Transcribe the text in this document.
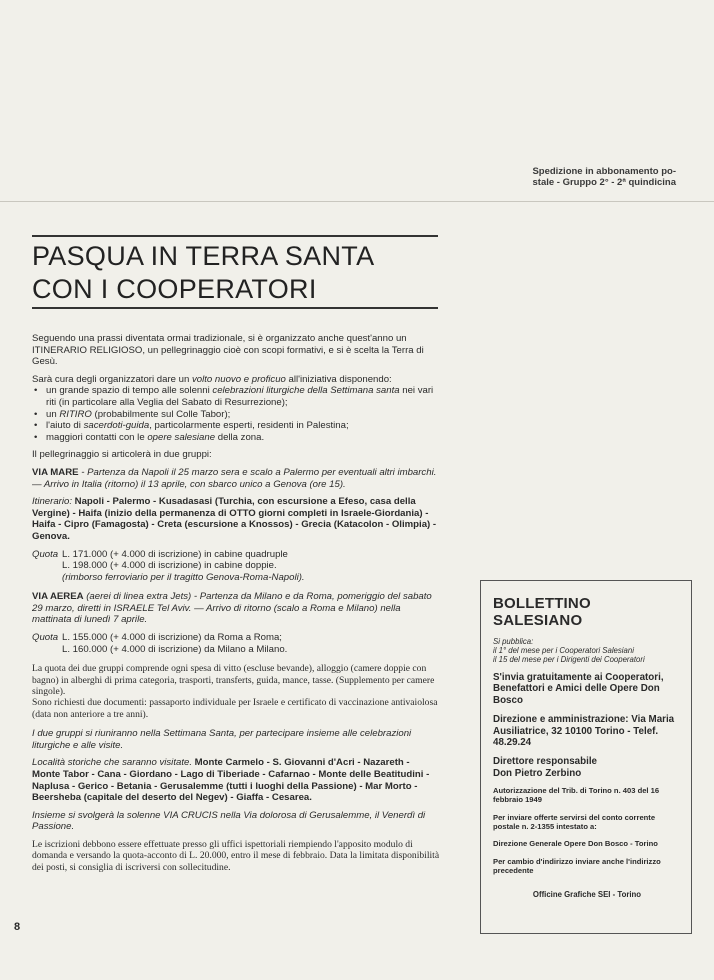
Spedizione in abbonamento po-
stale - Gruppo 2° - 2ª quindicina
PASQUA IN TERRA SANTA
CON I COOPERATORI

Seguendo una prassi diventata ormai tradizionale, si è organizzato anche quest'anno un ITINERARIO RELIGIOSO, un pellegrinaggio cioè con scopi formativi, e si è scelta la Terra di Gesù.

Sarà cura degli organizzatori dare un volto nuovo e proficuo all'iniziativa disponendo:

• un grande spazio di tempo alle solenni celebrazioni liturgiche della Settimana santa nei vari riti (in particolare alla Veglia del Sabato di Resurrezione);
• un RITIRO (probabilmente sul Colle Tabor);
• l'aiuto di sacerdoti-guida, particolarmente esperti, residenti in Palestina;
• maggiori contatti con le opere salesiane della zona.

Il pellegrinaggio si articolerà in due gruppi:

VIA MARE - Partenza da Napoli il 25 marzo sera e scalo a Palermo per eventuali altri imbarchi. — Arrivo in Italia (ritorno) il 13 aprile, con sbarco unico a Genova (ore 15).

Itinerario: Napoli - Palermo - Kusadasasi (Turchia, con escursione a Efeso, casa della Vergine) - Haifa (inizio della permanenza di OTTO giorni completi in Israele-Giordania) - Haifa - Cipro (Famagosta) - Creta (escursione a Knossos) - Grecia (Katacolon - Olimpia) - Genova.

Quota L. 171.000 (+ 4.000 di iscrizione) in cabine quadruple
L. 198.000 (+ 4.000 di iscrizione) in cabine doppie.
(rimborso ferroviario per il tragitto Genova-Roma-Napoli).

VIA AEREA (aerei di linea extra Jets) - Partenza da Milano e da Roma, pomeriggio del sabato 29 marzo, diretti in ISRAELE Tel Aviv. — Arrivo di ritorno (scalo a Roma e Milano) nella mattinata di lunedì 7 aprile.

Quota L. 155.000 (+ 4.000 di iscrizione) da Roma a Roma;
L. 160.000 (+ 4.000 di iscrizione) da Milano a Milano.
La quota dei due gruppi comprende ogni spesa di vitto (escluse bevande), alloggio (camere doppie con bagno) in alberghi di prima categoria, trasporti, transferts, guida, mance, tasse. (Supplemento per camere singole).
Sono richiesti due documenti: passaporto individuale per Israele e certificato di vaccinazione antivaiolosa (data non anteriore a tre anni).

I due gruppi si riuniranno nella Settimana Santa, per partecipare insieme alle celebrazioni liturgiche e alle visite.

Località storiche che saranno visitate. Monte Carmelo - S. Giovanni d'Acri - Nazareth - Monte Tabor - Cana - Giordano - Lago di Tiberiade - Cafarnao - Monte delle Beatitudini - Naplusa - Gerico - Betania - Gerusalemme (tutti i luoghi della Passione) - Mar Morto - Beersheba (capitale del deserto del Negev) - Giaffa - Cesarea.

Insieme si svolgerà la solenne VIA CRUCIS nella Via dolorosa di Gerusalemme, il Venerdì di Passione.

Le iscrizioni debbono essere effettuate presso gli uffici ispettoriali riempiendo l'apposito modulo di domanda e versando la quota-acconto di L. 20.000, entro il mese di febbraio. Data la limitata disponibilità dei posti, si consiglia di iscriversi con sollecitudine.
8
BOLLETTINO SALESIANO
Si pubblica:
il 1° del mese per i Cooperatori Salesiani
il 15 del mese per i Dirigenti dei Cooperatori
S'invia gratuitamente ai Cooperatori, Benefattori e Amici delle Opere Don Bosco
Direzione e amministrazione: Via Maria Ausiliatrice, 32 10100 Torino - Telef. 48.29.24
Direttore responsabile
Don Pietro Zerbino
Autorizzazione del Trib. di Torino n. 403 del 16 febbraio 1949
Per inviare offerte servirsi del conto corrente postale n. 2-1355 intestato a:
Direzione Generale Opere Don Bosco - Torino
Per cambio d'indirizzo inviare anche l'indirizzo precedente
Officine Grafiche SEI - Torino
